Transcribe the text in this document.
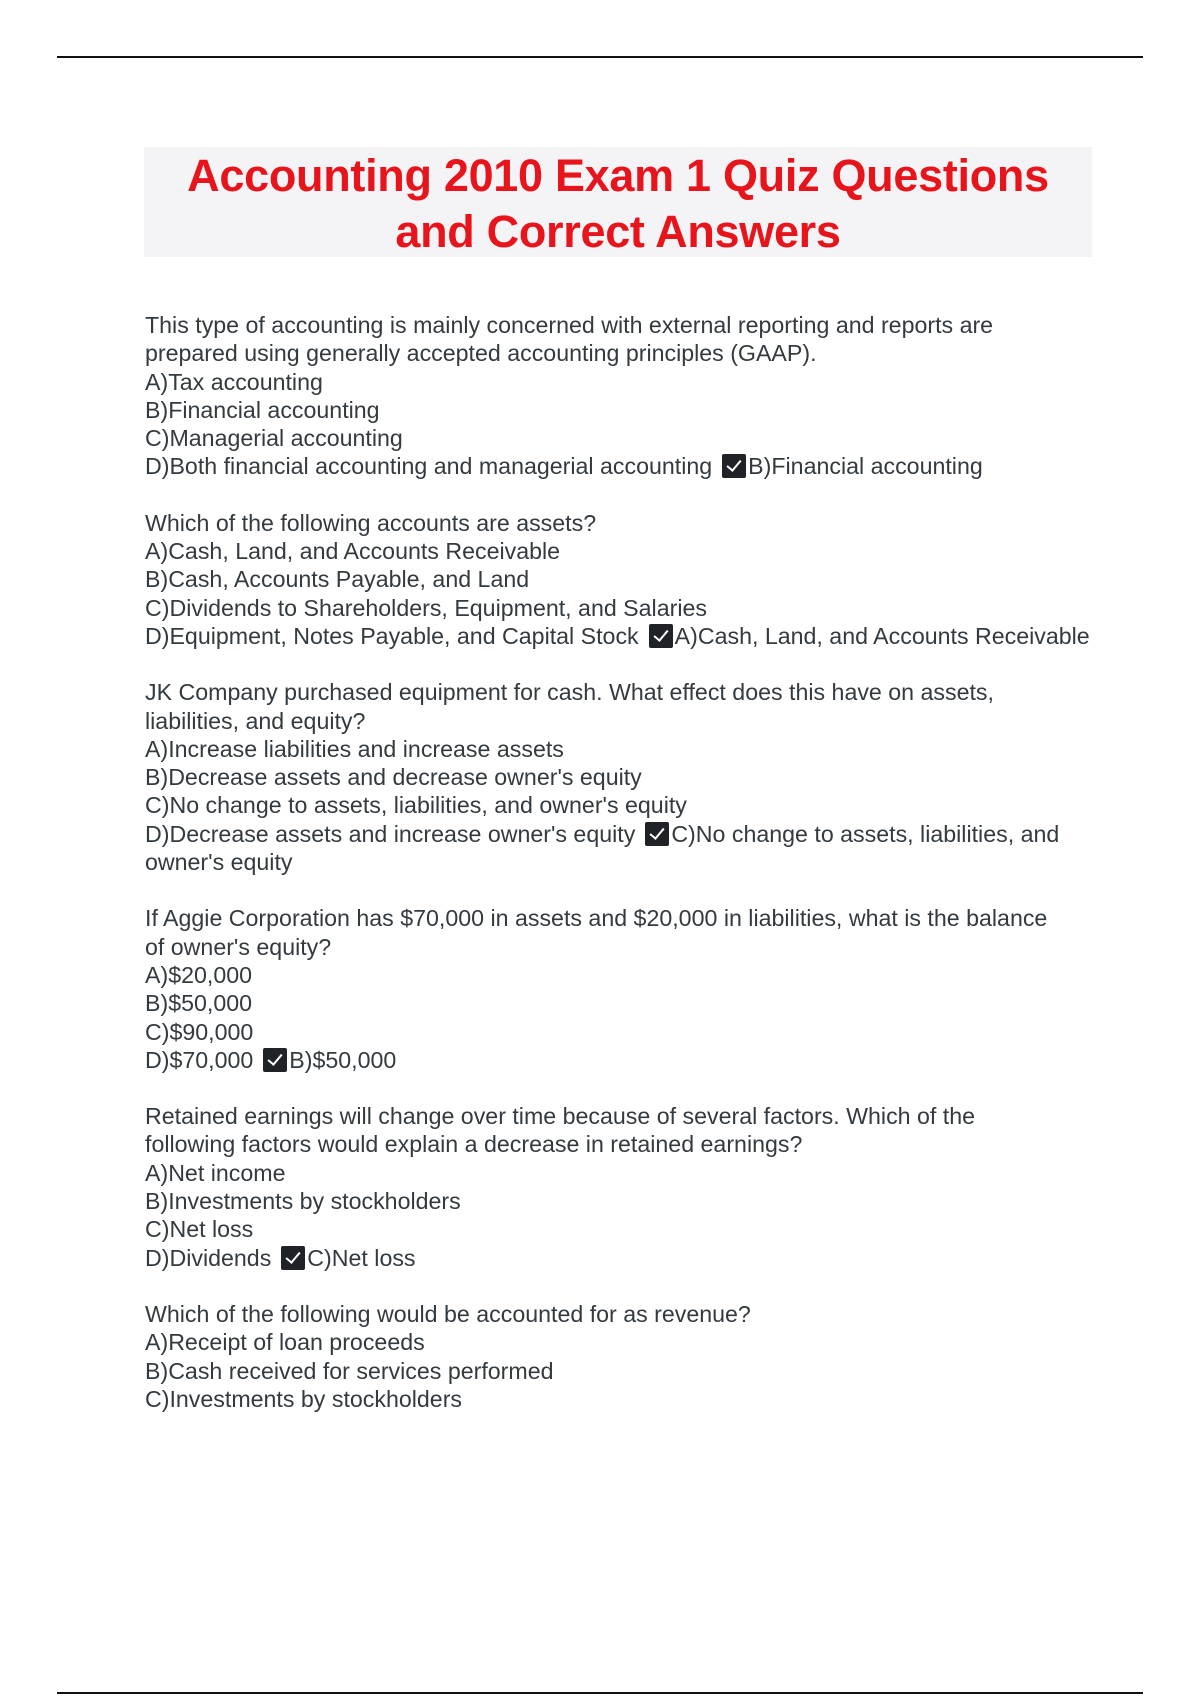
Accounting 2010 Exam 1 Quiz Questions and Correct Answers
This type of accounting is mainly concerned with external reporting and reports are
prepared using generally accepted accounting principles (GAAP).
A)Tax accounting
B)Financial accounting
C)Managerial accounting
D)Both financial accounting and managerial accounting B)Financial accounting
Which of the following accounts are assets?
A)Cash, Land, and Accounts Receivable
B)Cash, Accounts Payable, and Land
C)Dividends to Shareholders, Equipment, and Salaries
D)Equipment, Notes Payable, and Capital Stock A)Cash, Land, and Accounts Receivable
JK Company purchased equipment for cash. What effect does this have on assets,
liabilities, and equity?
A)Increase liabilities and increase assets
B)Decrease assets and decrease owner's equity
C)No change to assets, liabilities, and owner's equity
D)Decrease assets and increase owner's equity C)No change to assets, liabilities, and owner's equity
If Aggie Corporation has $70,000 in assets and $20,000 in liabilities, what is the balance
of owner's equity?
A)$20,000
B)$50,000
C)$90,000
D)$70,000 B)$50,000
Retained earnings will change over time because of several factors. Which of the
following factors would explain a decrease in retained earnings?
A)Net income
B)Investments by stockholders
C)Net loss
D)Dividends C)Net loss
Which of the following would be accounted for as revenue?
A)Receipt of loan proceeds
B)Cash received for services performed
C)Investments by stockholders
